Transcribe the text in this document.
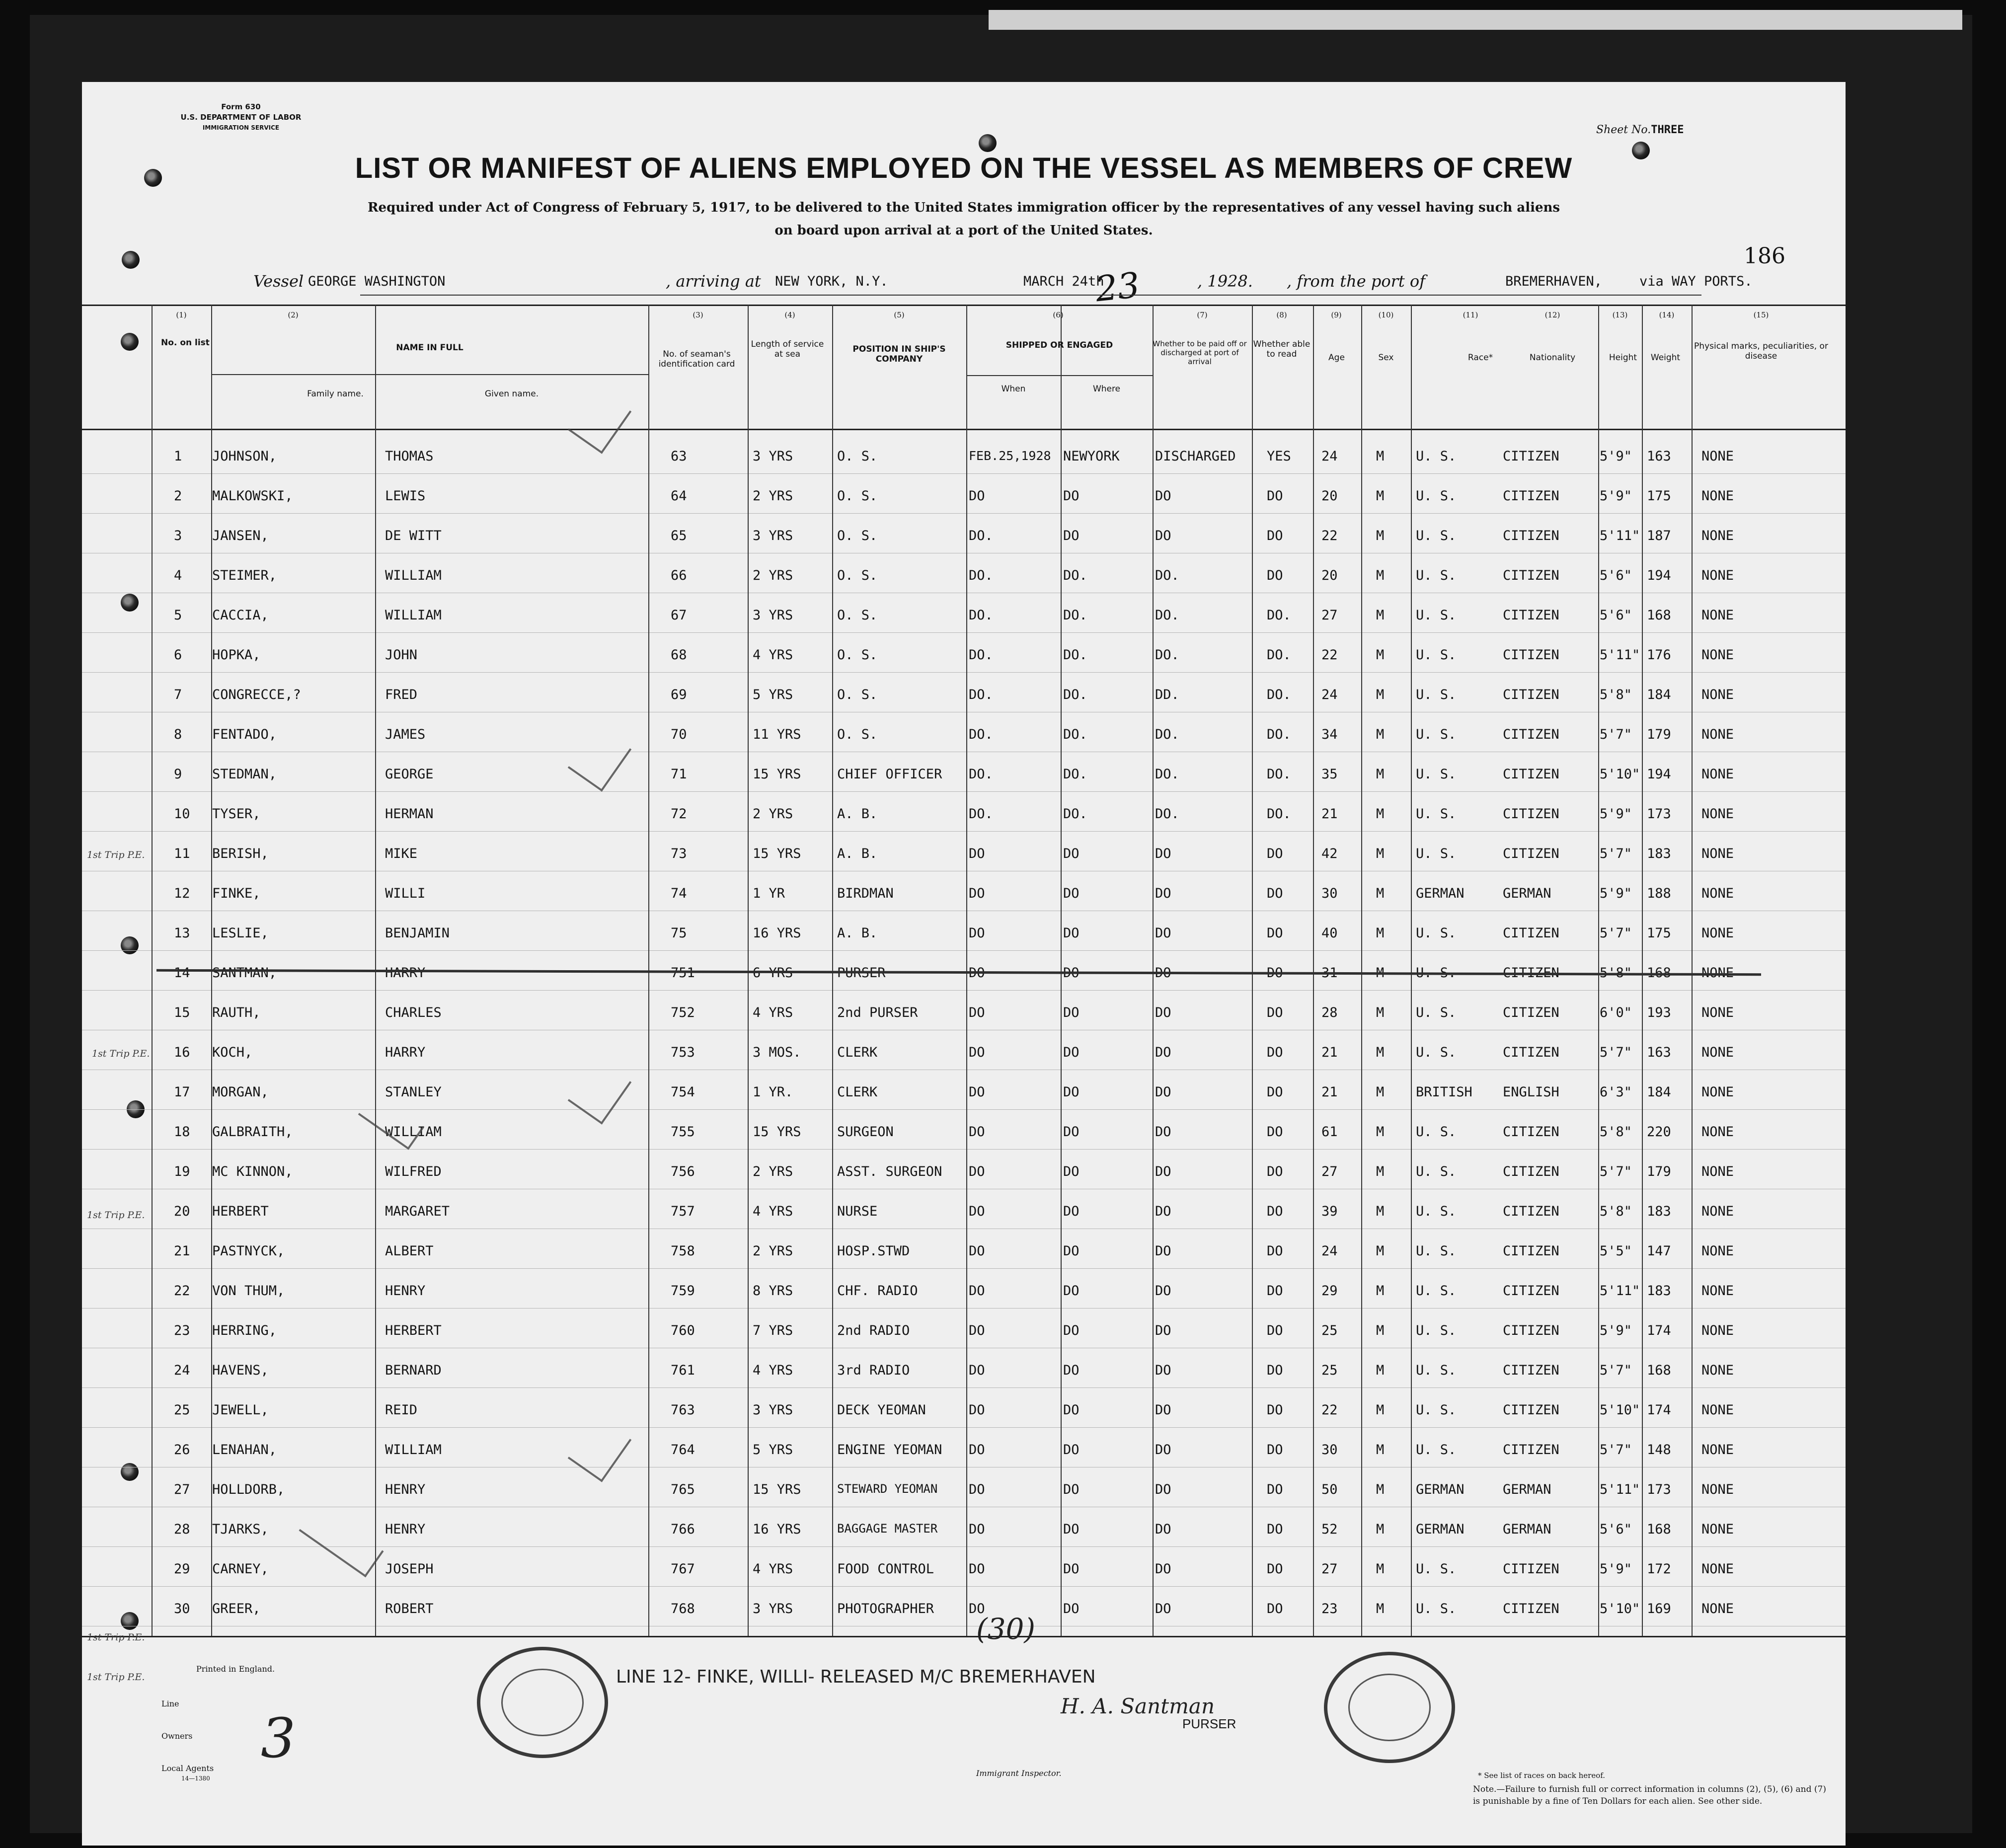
Form 630
U.S. DEPARTMENT OF LABOR
IMMIGRATION SERVICE	Sheet No.THREE
LIST OR MANIFEST OF ALIENS EMPLOYED ON THE VESSEL AS MEMBERS OF CREW
Required under Act of Congress of February 5, 1917, to be delivered to the United States immigration officer by the representatives of any vessel having such aliens
on board upon arrival at a port of the United States.
186
Vessel GEORGE WASHINGTON	, arriving at NEW YORK, N.Y.	MARCH 24th	, 1928. , from the port of	BREMERHAVEN,	via WAY PORTS.
23
No. on list	NAME IN FULL
Family name.	Given name.
No. of seaman's identification card
Length of service at sea	POSITION IN SHIP'S COMPANY
SHIPPED OR ENGAGED
When	Where
Whether to be paid off or discharged at port of arrival
Whether able to read	Age	Sex	Race*	Nationality	Height	Weight
Physical marks, peculiarities, or disease
(1)	(2)	(3)	(4)	(5)	(6)	(7)	(8)	(9)	(10)	(11)	(12)	(13)	(14)	(15)
1 JOHNSON,	THOMAS	63	3 YRS	O. S.	FEB.25,1928 NEWYORK	DISCHARGED YES 24	M U. S.	CITIZEN	5'9" 163 NONE
2 MALKOWSKI,	LEWIS	64	2 YRS	O. S.	DO	DO	DO	DO	20	M U. S.	CITIZEN	5'9" 175 NONE
3 JANSEN,	DE WITT	65	3 YRS	O. S.	DO.	DO	DO	DO	22	M U. S.	CITIZEN	5'11" 187 NONE
4 STEIMER,	WILLIAM	66	2 YRS	O. S.	DO.	DO.	DO.	DO	20	M U. S.	CITIZEN	5'6" 194 NONE
5 CACCIA,	WILLIAM	67	3 YRS	O. S.	DO.	DO.	DO.	DO. 27	M U. S.	CITIZEN	5'6" 168 NONE
6 HOPKA,	JOHN	68	4 YRS	O. S.	DO.	DO.	DO.	DO. 22	M U. S.	CITIZEN	5'11" 176 NONE
7 CONGRECCE,?	FRED	69	5 YRS	O. S.	DO.	DO.	DD.	DO. 24	M U. S.	CITIZEN	5'8" 184 NONE
8 FENTADO,	JAMES	70	11 YRS	O. S.	DO.	DO.	DO.	DO. 34	M U. S.	CITIZEN	5'7" 179 NONE
9 STEDMAN,	GEORGE	71	15 YRS	CHIEF OFFICER DO.	DO.	DO.	DO. 35	M U. S.	CITIZEN	5'10" 194 NONE
10 TYSER,	HERMAN	72	2 YRS	A. B.	DO.	DO.	DO.	DO. 21	M U. S.	CITIZEN	5'9" 173 NONE
11 BERISH,	MIKE	73	15 YRS	A. B.	DO	DO	DO	DO	42	M U. S.	CITIZEN	5'7" 183 NONE
12 FINKE,	WILLI	74	1 YR	BIRDMAN	DO	DO	DO	DO	30	M GERMAN	GERMAN	5'9" 188 NONE
13 LESLIE,	BENJAMIN	75	16 YRS	A. B.	DO	DO	DO	DO	40	M U. S.	CITIZEN	5'7" 175 NONE
14 SANTMAN,	HARRY	751	6 YRS	PURSER	DO	DO	DO	DO	31	M U. S.	CITIZEN	5'8" 168 NONE
15 RAUTH,	CHARLES	752	4 YRS	2nd PURSER	DO	DO	DO	DO	28	M U. S.	CITIZEN	6'0" 193 NONE
16 KOCH,	HARRY	753	3 MOS.	CLERK	DO	DO	DO	DO	21	M U. S.	CITIZEN	5'7" 163 NONE
17 MORGAN,	STANLEY	754	1 YR.	CLERK	DO	DO	DO	DO	21	M BRITISH ENGLISH	6'3" 184 NONE
18 GALBRAITH,	WILLIAM	755	15 YRS	SURGEON	DO	DO	DO	DO	61	M U. S.	CITIZEN	5'8" 220 NONE
19 MC KINNON,	WILFRED	756	2 YRS	ASST. SURGEON DO	DO	DO	DO	27	M U. S.	CITIZEN	5'7" 179 NONE
20 HERBERT	MARGARET	757	4 YRS	NURSE	DO	DO	DO	DO	39	M U. S.	CITIZEN	5'8" 183 NONE
21 PASTNYCK,	ALBERT	758	2 YRS	HOSP.STWD	DO	DO	DO	DO	24	M U. S.	CITIZEN	5'5" 147 NONE
22 VON THUM,	HENRY	759	8 YRS	CHF. RADIO	DO	DO	DO	DO	29	M U. S.	CITIZEN	5'11" 183 NONE
23 HERRING,	HERBERT	760	7 YRS	2nd RADIO	DO	DO	DO	DO	25	M U. S.	CITIZEN	5'9" 174 NONE
24 HAVENS,	BERNARD	761	4 YRS	3rd RADIO	DO	DO	DO	DO	25	M U. S.	CITIZEN	5'7" 168 NONE
25 JEWELL,	REID	763	3 YRS	DECK YEOMAN	DO	DO	DO	DO	22	M U. S.	CITIZEN	5'10" 174 NONE
26 LENAHAN,	WILLIAM	764	5 YRS	ENGINE YEOMAN DO	DO	DO	DO	30	M U. S.	CITIZEN	5'7" 148 NONE
27 HOLLDORB,	HENRY	765	15 YRS	STEWARD YEOMAN DO	DO	DO	DO	50	M GERMAN	GERMAN	5'11" 173 NONE
28 TJARKS,	HENRY	766	16 YRS	BAGGAGE MASTER DO	DO	DO	DO	52	M GERMAN	GERMAN	5'6" 168 NONE
29 CARNEY,	JOSEPH	767	4 YRS	FOOD CONTROL	DO	DO	DO	DO	27	M U. S.	CITIZEN	5'9" 172 NONE
30 GREER,	ROBERT	768	3 YRS	PHOTOGRAPHER	DO	DO	DO	DO	23	M U. S.	CITIZEN	5'10" 169 NONE
1st Trip P.E.
1st Trip P.E.
1st Trip P.E.
1st Trip P.E.
1st Trip P.E.
Printed in England.
Line
Owners
Local Agents
14—1380
3
(30)
LINE 12- FINKE, WILLI- RELEASED M/C BREMERHAVEN
H. A. Santman
PURSER
Immigrant Inspector.	* See list of races on back hereof.
Note.—Failure to furnish full or correct information in columns (2), (5), (6) and (7) is punishable by a fine of Ten Dollars for each alien. See other side.
